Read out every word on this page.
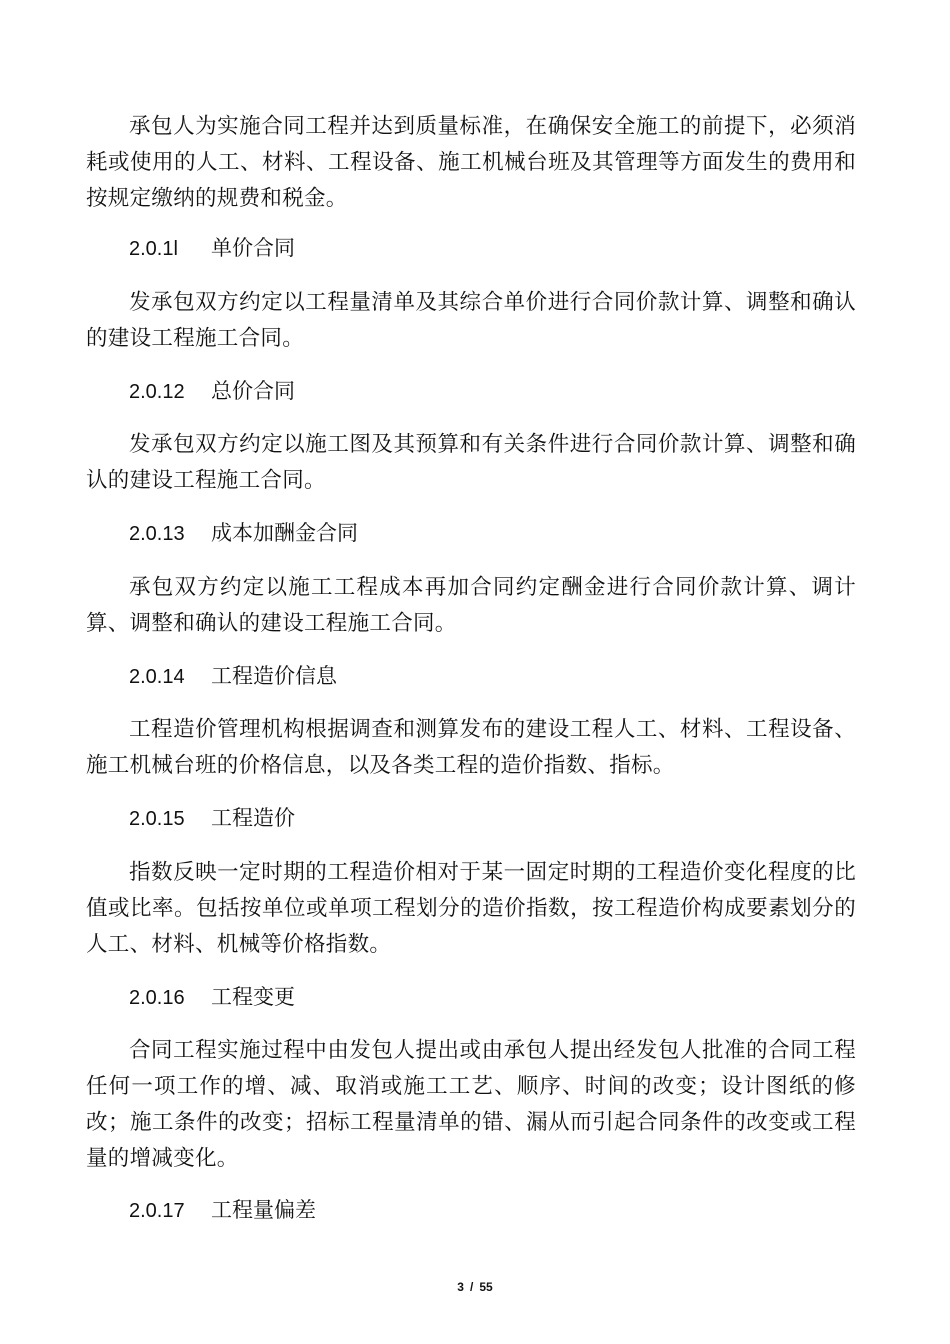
承包人为实施合同工程并达到质量标准，在确保安全施工的前提下，必须消耗或使用的人工、材料、工程设备、施工机械台班及其管理等方面发生的费用和按规定缴纳的规费和税金。

2.0.1l 单价合同

发承包双方约定以工程量清单及其综合单价进行合同价款计算、调整和确认的建设工程施工合同。

2.0.12 总价合同

发承包双方约定以施工图及其预算和有关条件进行合同价款计算、调整和确认的建设工程施工合同。

2.0.13 成本加酬金合同

承包双方约定以施工工程成本再加合同约定酬金进行合同价款计算、调计算、调整和确认的建设工程施工合同。

2.0.14 工程造价信息

工程造价管理机构根据调查和测算发布的建设工程人工、材料、工程设备、施工机械台班的价格信息，以及各类工程的造价指数、指标。

2.0.15 工程造价

指数反映一定时期的工程造价相对于某一固定时期的工程造价变化程度的比值或比率。包括按单位或单项工程划分的造价指数，按工程造价构成要素划分的人工、材料、机械等价格指数。

2.0.16 工程变更

合同工程实施过程中由发包人提出或由承包人提出经发包人批准的合同工程任何一项工作的增、减、取消或施工工艺、顺序、时间的改变；设计图纸的修改；施工条件的改变；招标工程量清单的错、漏从而引起合同条件的改变或工程量的增减变化。

2.0.17 工程量偏差
3 / 55
